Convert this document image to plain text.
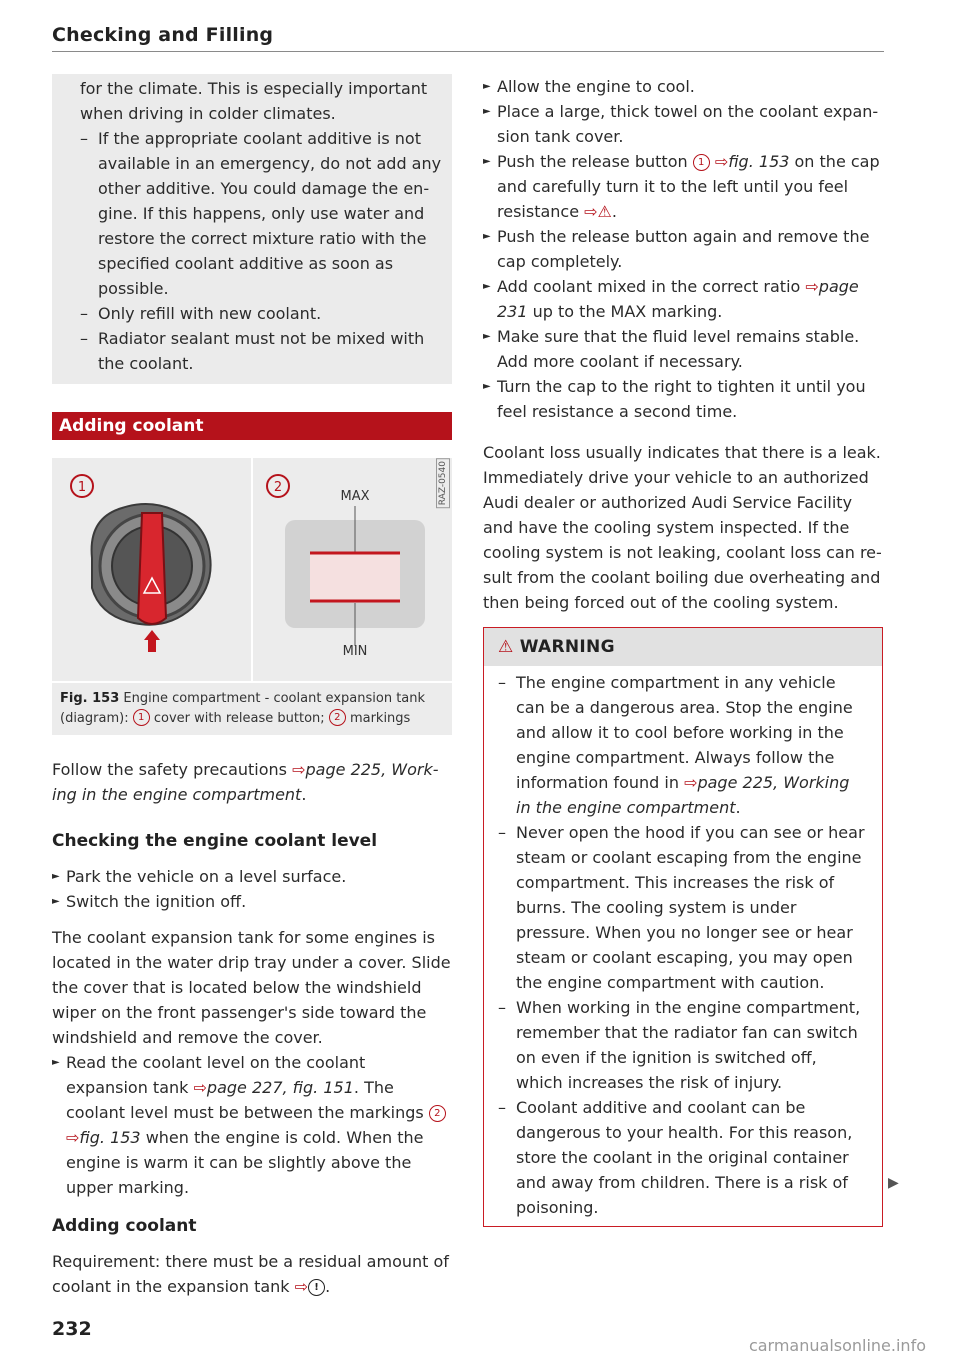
Checking and Filling

for the climate. This is especially important when driving in colder climates.

– If the appropriate coolant additive is not available in an emergency, do not add any other additive. You could damage the engine. If this happens, only use water and restore the correct mixture ratio with the specified coolant additive as soon as possible.
– Only refill with new coolant.
– Radiator sealant must not be mixed with the coolant.
Adding coolant
1	2
MAX
MIN
RAZ-0540
Fig. 153 Engine compartment - coolant expansion tank (diagram): 1 cover with release button; 2 markings

Follow the safety precautions ⇨page 225, Working in the engine compartment.

Checking the engine coolant level

► Park the vehicle on a level surface.
► Switch the ignition off.

The coolant expansion tank for some engines is located in the water drip tray under a cover. Slide the cover that is located below the windshield wiper on the front passenger's side toward the windshield and remove the cover.

► Read the coolant level on the coolant expansion tank ⇨page 227, fig. 151. The coolant level must be between the markings 2 ⇨fig. 153 when the engine is cold. When the engine is warm it can be slightly above the upper marking.

Adding coolant

Requirement: there must be a residual amount of coolant in the expansion tank ⇨ ! .

232
► Allow the engine to cool.
► Place a large, thick towel on the coolant expansion tank cover.
► Push the release button 1 ⇨fig. 153 on the cap and carefully turn it to the left until you feel resistance ⇨⚠.
► Push the release button again and remove the cap completely.
► Add coolant mixed in the correct ratio ⇨page 231 up to the MAX marking.
► Make sure that the fluid level remains stable. Add more coolant if necessary.
► Turn the cap to the right to tighten it until you feel resistance a second time.

Coolant loss usually indicates that there is a leak. Immediately drive your vehicle to an authorized Audi dealer or authorized Audi Service Facility and have the cooling system inspected. If the cooling system is not leaking, coolant loss can result from the coolant boiling due overheating and then being forced out of the cooling system.

⚠ WARNING
– The engine compartment in any vehicle can be a dangerous area. Stop the engine and allow it to cool before working in the engine compartment. Always follow the information found in ⇨page 225, Working in the engine compartment.
– Never open the hood if you can see or hear steam or coolant escaping from the engine compartment. This increases the risk of burns. The cooling system is under pressure. When you no longer see or hear steam or coolant escaping, you may open the engine compartment with caution.
– When working in the engine compartment, remember that the radiator fan can switch on even if the ignition is switched off, which increases the risk of injury.
– Coolant additive and coolant can be dangerous to your health. For this reason, store the coolant in the original container and away from children. There is a risk of poisoning.
▶
carmanualsonline.info
